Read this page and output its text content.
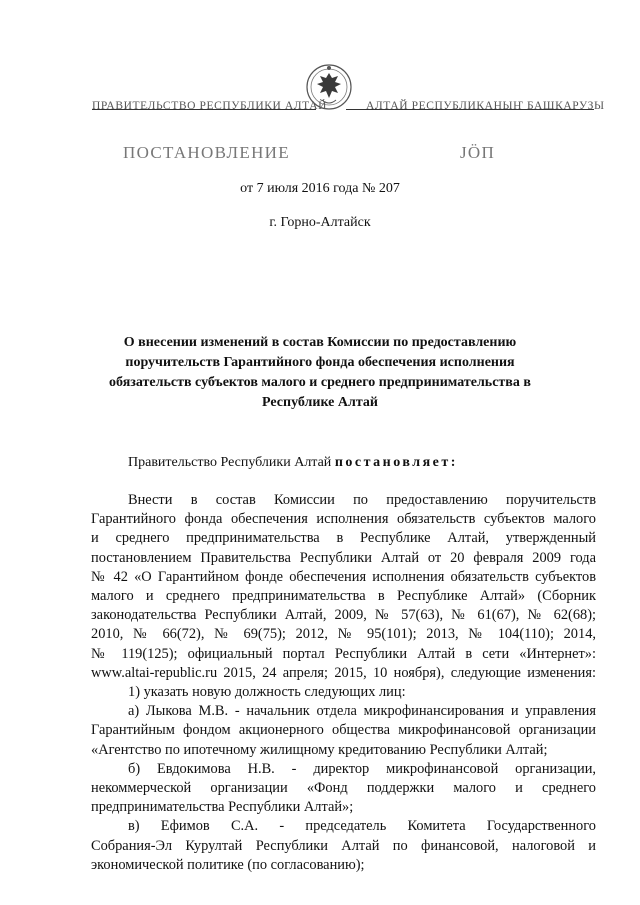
ПРАВИТЕЛЬСТВО РЕСПУБЛИКИ АЛТАЙ	АЛТАЙ РЕСПУБЛИКАНЫҤ БАШКАРУЗЫ
ПОСТАНОВЛЕНИЕ	ЈӦП
от 7 июля 2016 года № 207
г. Горно-Алтайск
О внесении изменений в состав Комиссии по предоставлению
поручительств Гарантийного фонда обеспечения исполнения
обязательств субъектов малого и среднего предпринимательства в
Республике Алтай
Правительство Республики Алтай постановляет:
Внести в состав Комиссии по предоставлению поручительств
Гарантийного фонда обеспечения исполнения обязательств субъектов малого
и среднего предпринимательства в Республике Алтай, утвержденный
постановлением Правительства Республики Алтай от 20 февраля 2009 года
№ 42 «О Гарантийном фонде обеспечения исполнения обязательств субъектов
малого и среднего предпринимательства в Республике Алтай» (Сборник
законодательства Республики Алтай, 2009, № 57(63), № 61(67), № 62(68);
2010, № 66(72), № 69(75); 2012, № 95(101); 2013, № 104(110); 2014,
№ 119(125); официальный портал Республики Алтай в сети «Интернет»:
www.altai-republic.ru 2015, 24 апреля; 2015, 10 ноября), следующие изменения:
1) указать новую должность следующих лиц:
а) Лыкова М.В. - начальник отдела микрофинансирования и управления
Гарантийным фондом акционерного общества микрофинансовой организации
«Агентство по ипотечному жилищному кредитованию Республики Алтай;
б) Евдокимова Н.В. - директор микрофинансовой организации,
некоммерческой организации «Фонд поддержки малого и среднего
предпринимательства Республики Алтай»;
в) Ефимов С.А. - председатель Комитета Государственного
Собрания-Эл Курултай Республики Алтай по финансовой, налоговой и
экономической политике (по согласованию);
